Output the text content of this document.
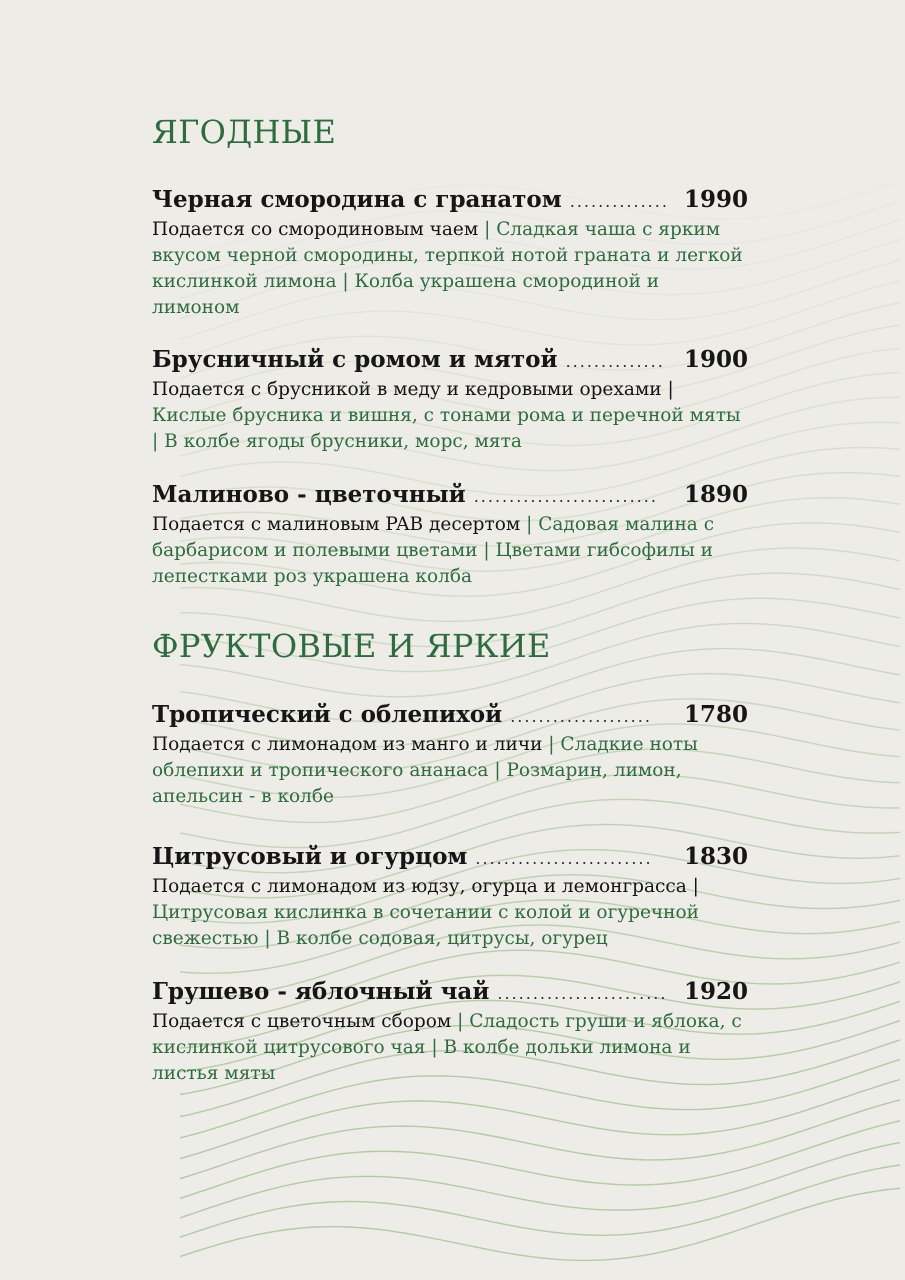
ЯГОДНЫЕ
Черная смородина с гранатом .............. 1990
Подается со смородиновым чаем | Сладкая чаша с ярким вкусом черной смородины, терпкой нотой граната и легкой кислинкой лимона | Колба украшена смородиной и лимоном
Брусничный с ромом и мятой .............. 1900
Подается с брусникой в меду и кедровыми орехами | Кислые брусника и вишня, с тонами рома и перечной мяты | В колбе ягоды брусники, морс, мята
Малиново - цветочный .......................... 1890
Подается с малиновым PAB десертом | Садовая малина с барбарисом и полевыми цветами | Цветами гибсофилы и лепестками роз украшена колба
ФРУКТОВЫЕ И ЯРКИЕ
Тропический с облепихой .................... 1780
Подается с лимонадом из манго и личи | Сладкие ноты облепихи и тропического ананаса | Розмарин, лимон, апельсин - в колбе
Цитрусовый и огурцом ......................... 1830
Подается с лимонадом из юдзу, огурца и лемонграсса | Цитрусовая кислинка в сочетании с колой и огуречной свежестью | В колбе содовая, цитрусы, огурец
Грушево - яблочный чай ........................ 1920
Подается с цветочным сбором | Сладость груши и яблока, с кислинкой цитрусового чая | В колбе дольки лимона и листья мяты
